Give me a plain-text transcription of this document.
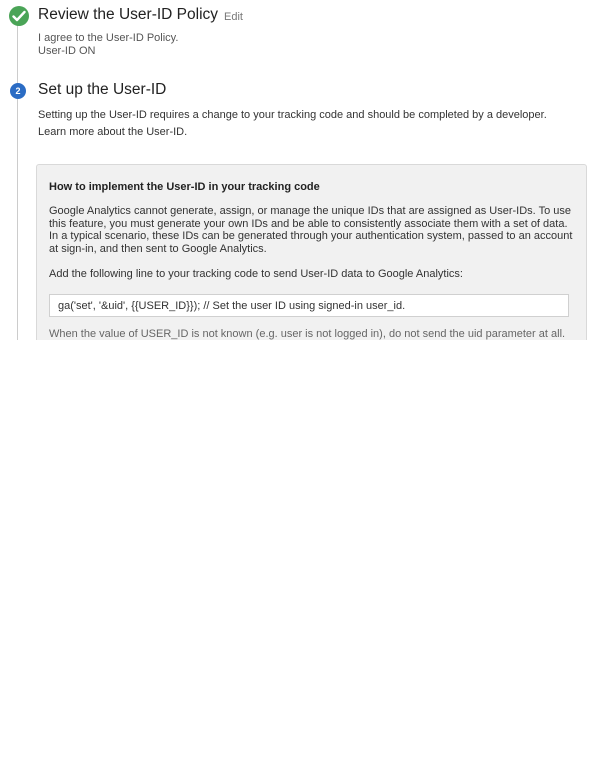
Review the User-ID Policy Edit
I agree to the User-ID Policy.
User-ID ON
2	Set up the User-ID
Setting up the User-ID requires a change to your tracking code and should be completed by a developer.
Learn more about the User-ID.
How to implement the User-ID in your tracking code
Google Analytics cannot generate, assign, or manage the unique IDs that are assigned as User-IDs. To use this feature, you must generate your own IDs and be able to consistently associate them with a set of data. In a typical scenario, these IDs can be generated through your authentication system, passed to an account at sign-in, and then sent to Google Analytics.
Add the following line to your tracking code to send User-ID data to Google Analytics:
ga('set', '&uid', {{USER_ID}}); // Set the user ID using signed-in user_id.
When the value of USER_ID is not known (e.g. user is not logged in), do not send the uid parameter at all.
